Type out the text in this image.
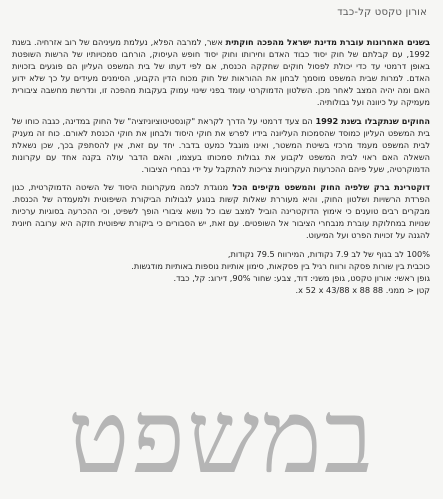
אורון טקסט קל-כבד

בשנים האחרונות עוברת מדינת ישראל מהפכה חוקתית אשר, למרבה הפלא, נעלמת מעיניהם של רוב אזרחיה. בשנת 1992, עם קבלתם של חוק יסוד כבוד האדם וחירותו וחוק יסוד חופש העיסוק, הורחבו סמכויותיו של הרשות השופטת באופן דרמטי עד כדי יכולת לפסול חוקים שחקקה הכנסת, אם לפי דעתו של בית המשפט העליון הם פוגעים בזכויות האדם. למרות שבית המשפט מוסמך לבחון את ההוראות של חוק מכוח הדין הקבוע, הסימנים מעידים על כך שלא ידוע האם ומה יהיה המצב לאחר מכן. השלטון הדמוקרטי עומד בפני שינוי עמוק בעקבות מהפכה זו, ונדרשת מחשבה ציבורית מעמיקה על כיוונה ועל גבולותיה.

החוקים שנתקבלו בשנת 1992 הם צעד דרמטי על הדרך לקראת "קונסטיטוציוניזציה" של החוק במדינה, כגבה כוחו של בית המשפט העליון כמוסד שהסמכות העליונה בידיו לפרש את חוקי היסוד ולבחון את חוקי הכנסת לאורם. כוח זה מעניק לבית המשפט מעמד מרכזי בשיטת המשטר, ואינו מוגבל כמעט בדבר. יחד עם זאת, אין להסתפק בכך, שכן נשאלת השאלה האם ראוי לבית המשפט לקבוע את גבולות סמכותו בעצמו, והאם הדבר עולה בקנה אחד עם עקרונות הדמוקרטיה, שעל פיהם ההכרעות העקרוניות צריכות להתקבל על ידי נבחרי הציבור.

דוקטרינת ברק שלפיה החוק והמשפט מקיפים הכל מנוגדת לכמה מעקרונות היסוד של השיטה הדמוקרטית, כגון הפרדת הרשויות ושלטון החוק, והיא מעוררת שאלות קשות בנוגע לגבולות הביקורת השיפוטית ולמעמדה של הכנסת. מבקרים רבים טוענים כי אימוץ הדוקטרינה הוביל למצב שבו כל נושא ציבורי הופך לשפיט, וכי ההכרעה בסוגיות ערכיות שנויות במחלוקת עוברת מנבחרי הציבור אל השופטים. עם זאת, יש הסבורים כי ביקורת שיפוטית חזקה היא ערובה חיונית להגנה על זכויות הפרט ועל המיעוט.

100% לב בגוף של לב 7.9 נקודות, המירווח 79.5 נקודות,
כוכבית בין שורות פסקה ורווח רגיל בין פסקאות, סימון אותיות נוספות באותיות מודגשות.
גופן ראשי: אורון טקסט, גופן משני: דוד, צבע: שחור 90%, דירוג: קל, כבד.
קטן < ממני. 88 x 52 x 43/88 x 88.
במשפט
